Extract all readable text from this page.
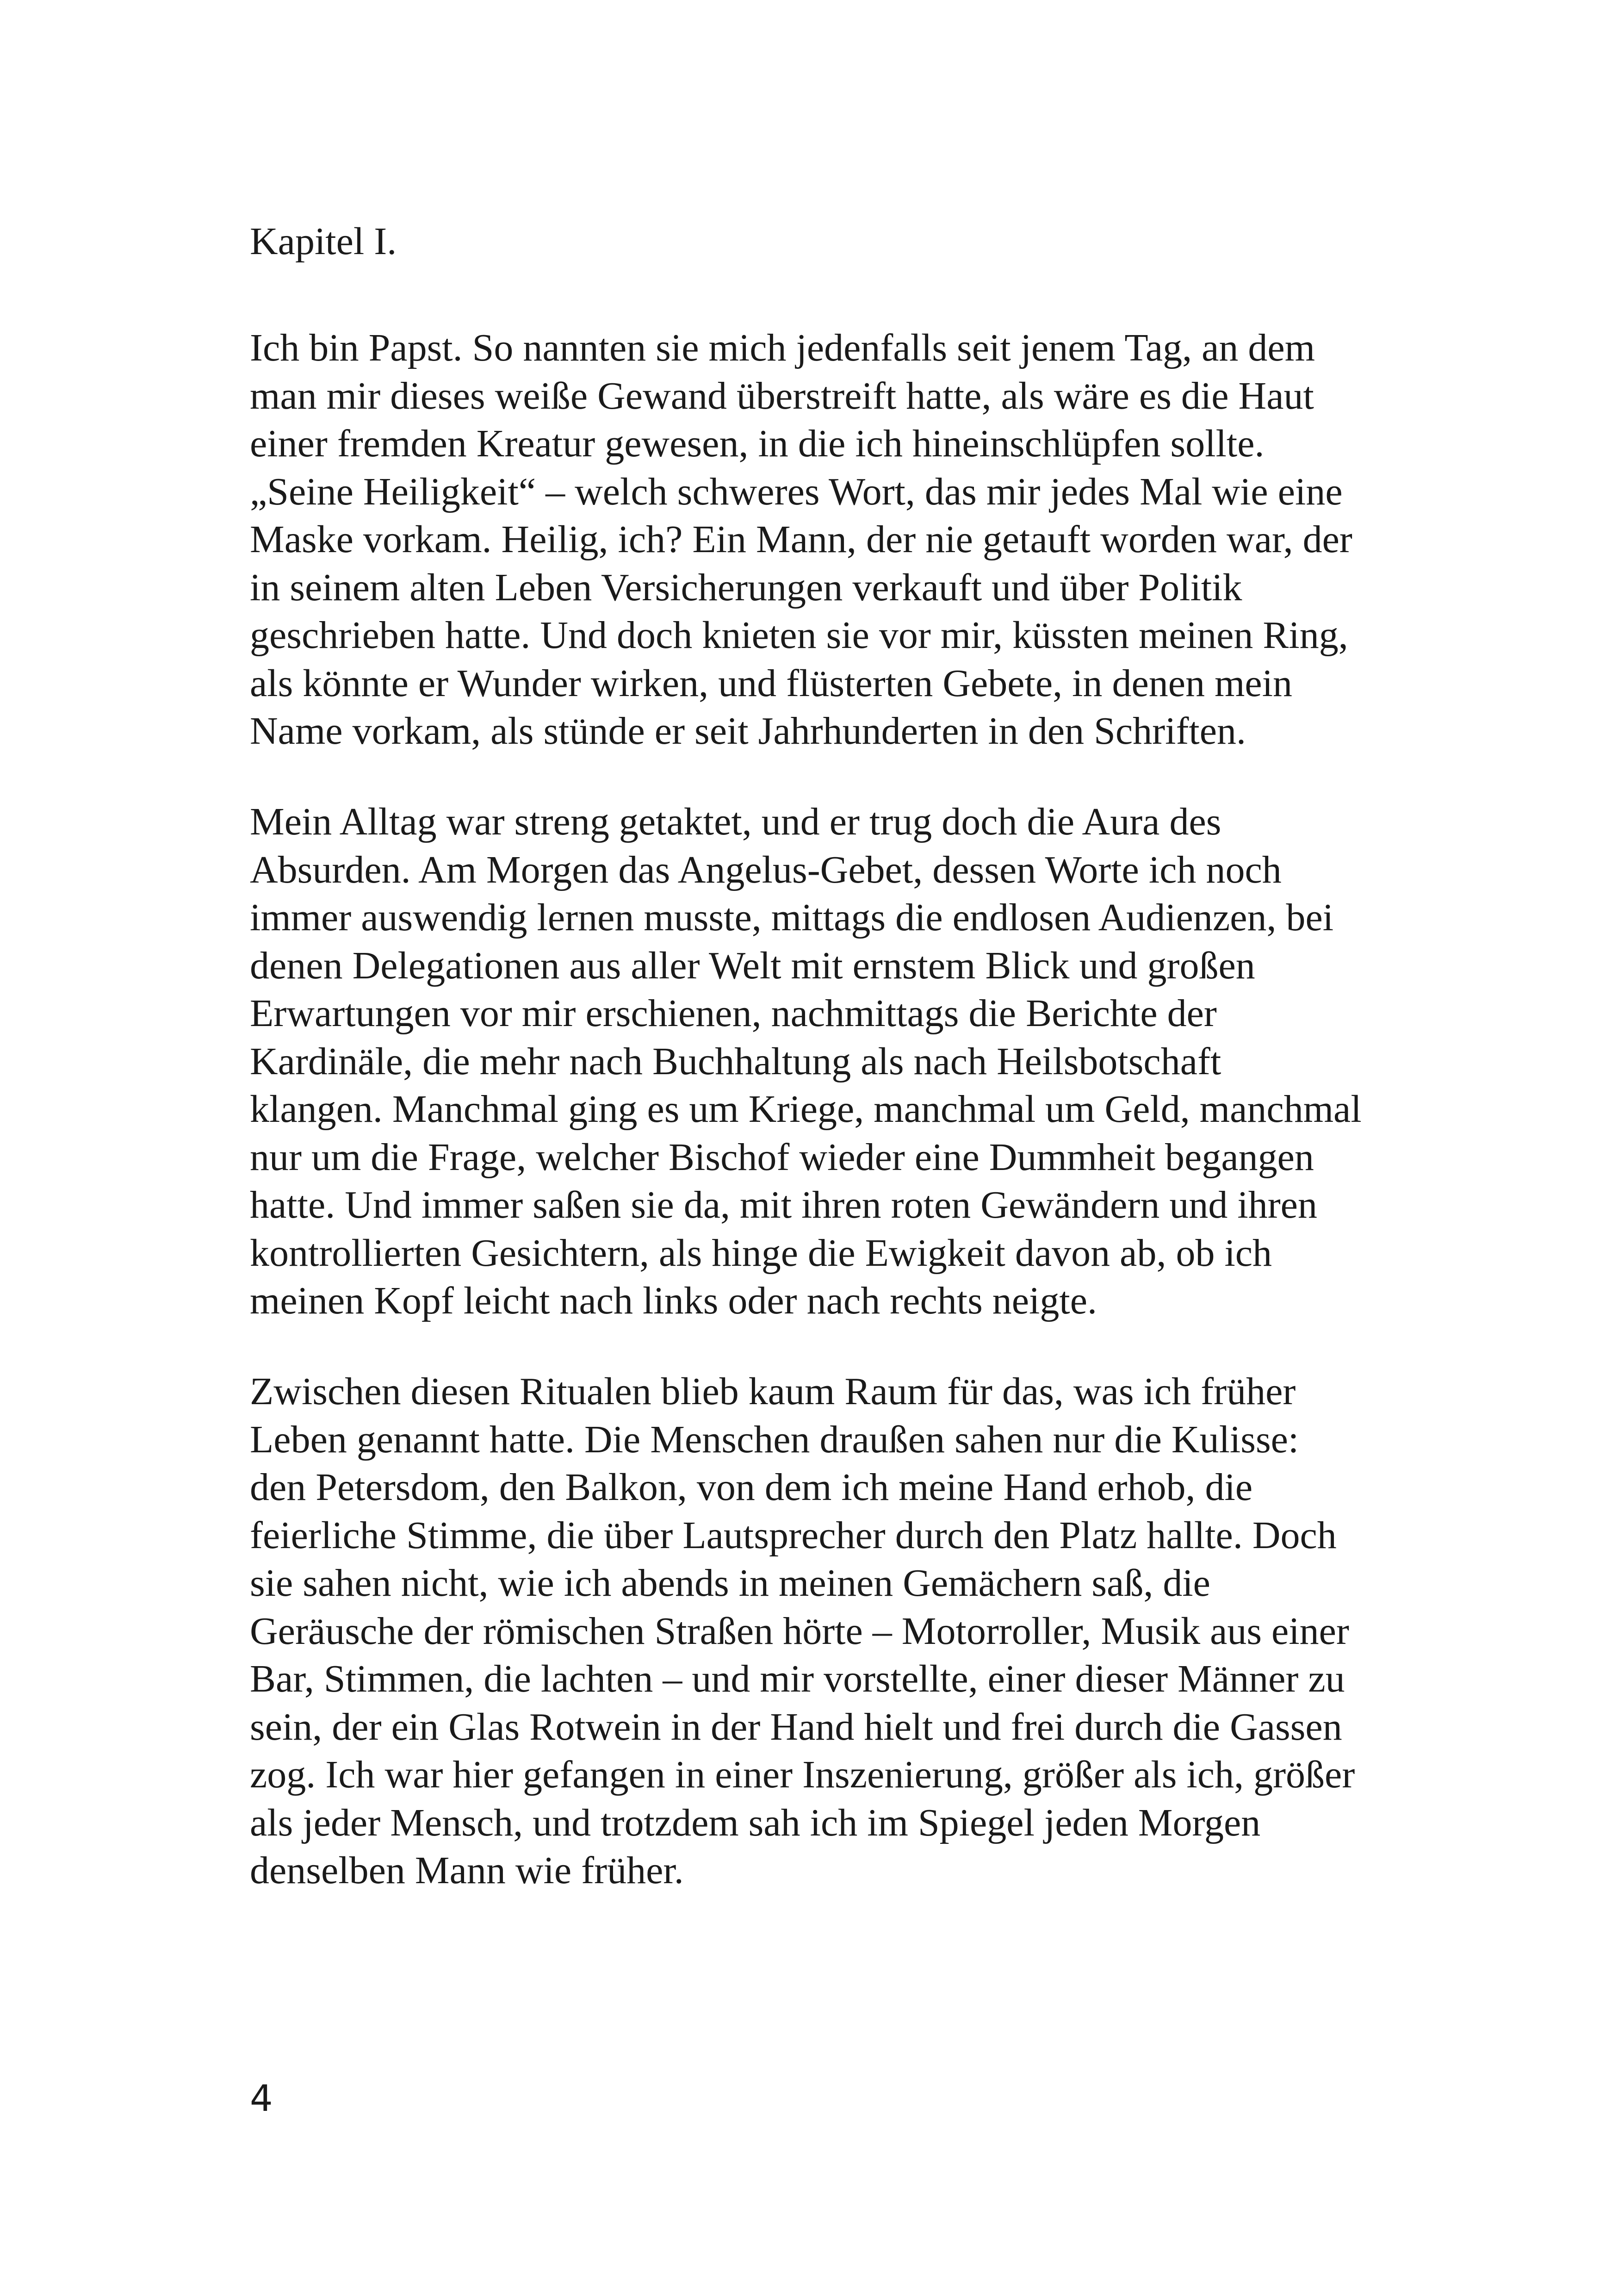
Kapitel I.
Ich bin Papst. So nannten sie mich jedenfalls seit jenem Tag, an dem
man mir dieses weiße Gewand überstreift hatte, als wäre es die Haut
einer fremden Kreatur gewesen, in die ich hineinschlüpfen sollte.
„Seine Heiligkeit“ – welch schweres Wort, das mir jedes Mal wie eine
Maske vorkam. Heilig, ich? Ein Mann, der nie getauft worden war, der
in seinem alten Leben Versicherungen verkauft und über Politik
geschrieben hatte. Und doch knieten sie vor mir, küssten meinen Ring,
als könnte er Wunder wirken, und flüsterten Gebete, in denen mein
Name vorkam, als stünde er seit Jahrhunderten in den Schriften.
Mein Alltag war streng getaktet, und er trug doch die Aura des
Absurden. Am Morgen das Angelus-Gebet, dessen Worte ich noch
immer auswendig lernen musste, mittags die endlosen Audienzen, bei
denen Delegationen aus aller Welt mit ernstem Blick und großen
Erwartungen vor mir erschienen, nachmittags die Berichte der
Kardinäle, die mehr nach Buchhaltung als nach Heilsbotschaft
klangen. Manchmal ging es um Kriege, manchmal um Geld, manchmal
nur um die Frage, welcher Bischof wieder eine Dummheit begangen
hatte. Und immer saßen sie da, mit ihren roten Gewändern und ihren
kontrollierten Gesichtern, als hinge die Ewigkeit davon ab, ob ich
meinen Kopf leicht nach links oder nach rechts neigte.
Zwischen diesen Ritualen blieb kaum Raum für das, was ich früher
Leben genannt hatte. Die Menschen draußen sahen nur die Kulisse:
den Petersdom, den Balkon, von dem ich meine Hand erhob, die
feierliche Stimme, die über Lautsprecher durch den Platz hallte. Doch
sie sahen nicht, wie ich abends in meinen Gemächern saß, die
Geräusche der römischen Straßen hörte – Motorroller, Musik aus einer
Bar, Stimmen, die lachten – und mir vorstellte, einer dieser Männer zu
sein, der ein Glas Rotwein in der Hand hielt und frei durch die Gassen
zog. Ich war hier gefangen in einer Inszenierung, größer als ich, größer
als jeder Mensch, und trotzdem sah ich im Spiegel jeden Morgen
denselben Mann wie früher.
4
